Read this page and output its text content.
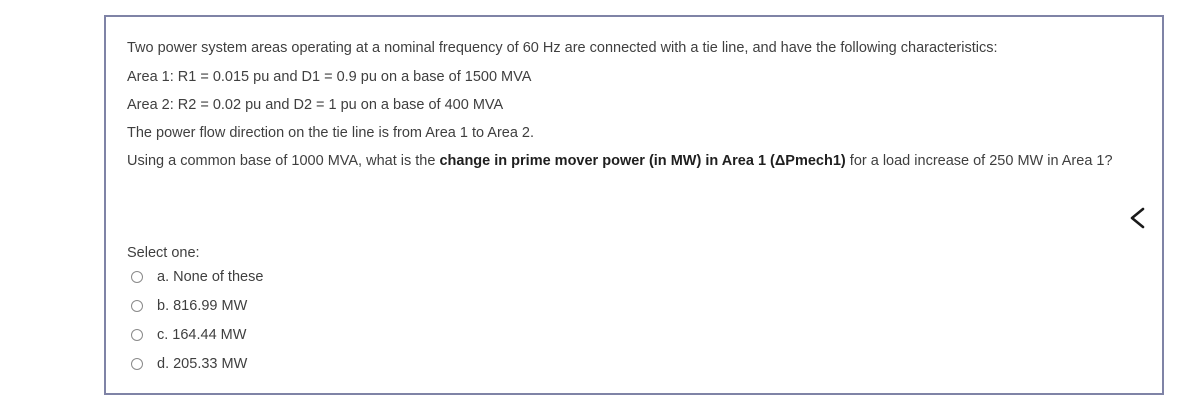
Two power system areas operating at a nominal frequency of 60 Hz are connected with a tie line, and have the following characteristics:
Area 1: R1 = 0.015 pu and D1 = 0.9 pu on a base of 1500 MVA
Area 2: R2 = 0.02 pu and D2 = 1 pu on a base of 400 MVA
The power flow direction on the tie line is from Area 1 to Area 2.
Using a common base of 1000 MVA, what is the change in prime mover power (in MW) in Area 1 (ΔPmech1) for a load increase of 250 MW in Area 1?
Select one:
a. None of these
b. 816.99 MW
c. 164.44 MW
d. 205.33 MW
